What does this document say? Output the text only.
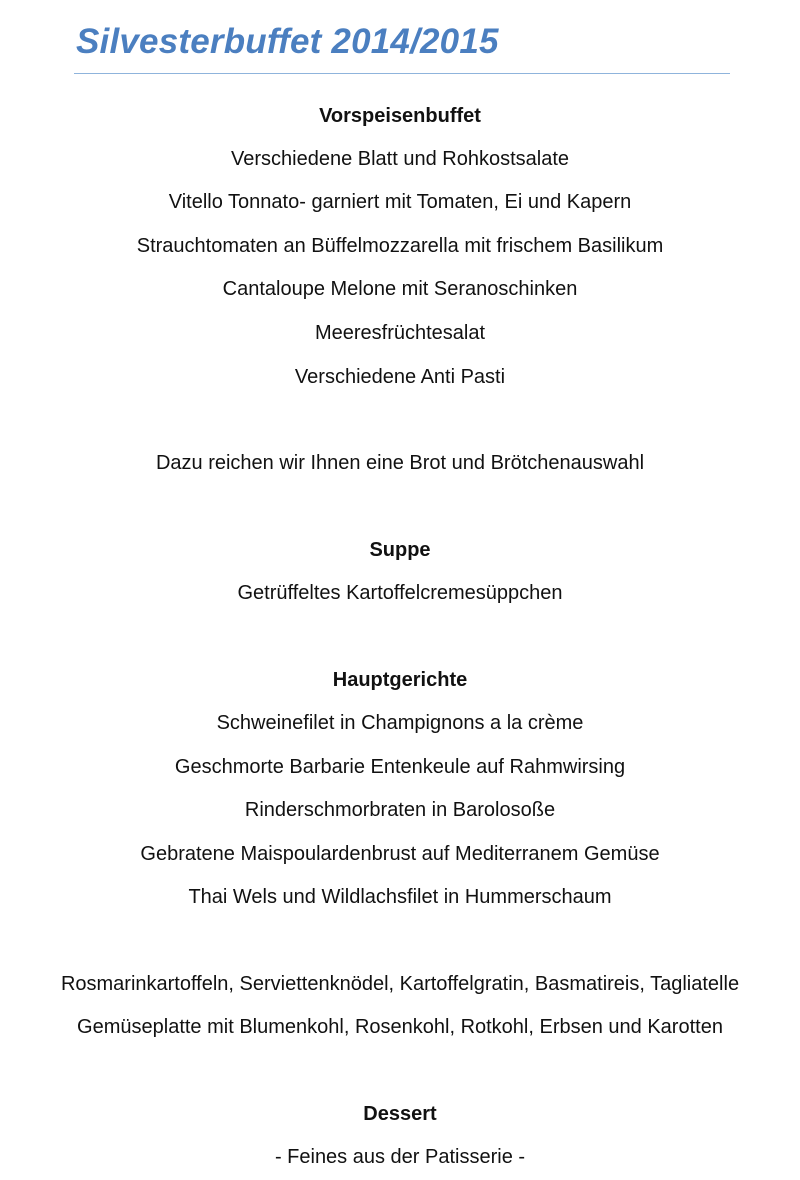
Silvesterbuffet 2014/2015
Vorspeisenbuffet
Verschiedene Blatt und Rohkostsalate
Vitello Tonnato- garniert mit Tomaten, Ei und Kapern
Strauchtomaten an Büffelmozzarella mit frischem Basilikum
Cantaloupe Melone mit Seranoschinken
Meeresfrüchtesalat
Verschiedene Anti Pasti
Dazu reichen wir Ihnen eine Brot und Brötchenauswahl
Suppe
Getrüffeltes Kartoffelcremesüppchen
Hauptgerichte
Schweinefilet in Champignons a la crème
Geschmorte Barbarie Entenkeule auf Rahmwirsing
Rinderschmorbraten in Barolosoße
Gebratene Maispoulardenbrust auf Mediterranem Gemüse
Thai Wels und Wildlachsfilet in Hummerschaum
Rosmarinkartoffeln, Serviettenknödel, Kartoffelgratin, Basmatireis, Tagliatelle
Gemüseplatte mit Blumenkohl, Rosenkohl, Rotkohl, Erbsen und Karotten
Dessert
- Feines aus der Patisserie -
